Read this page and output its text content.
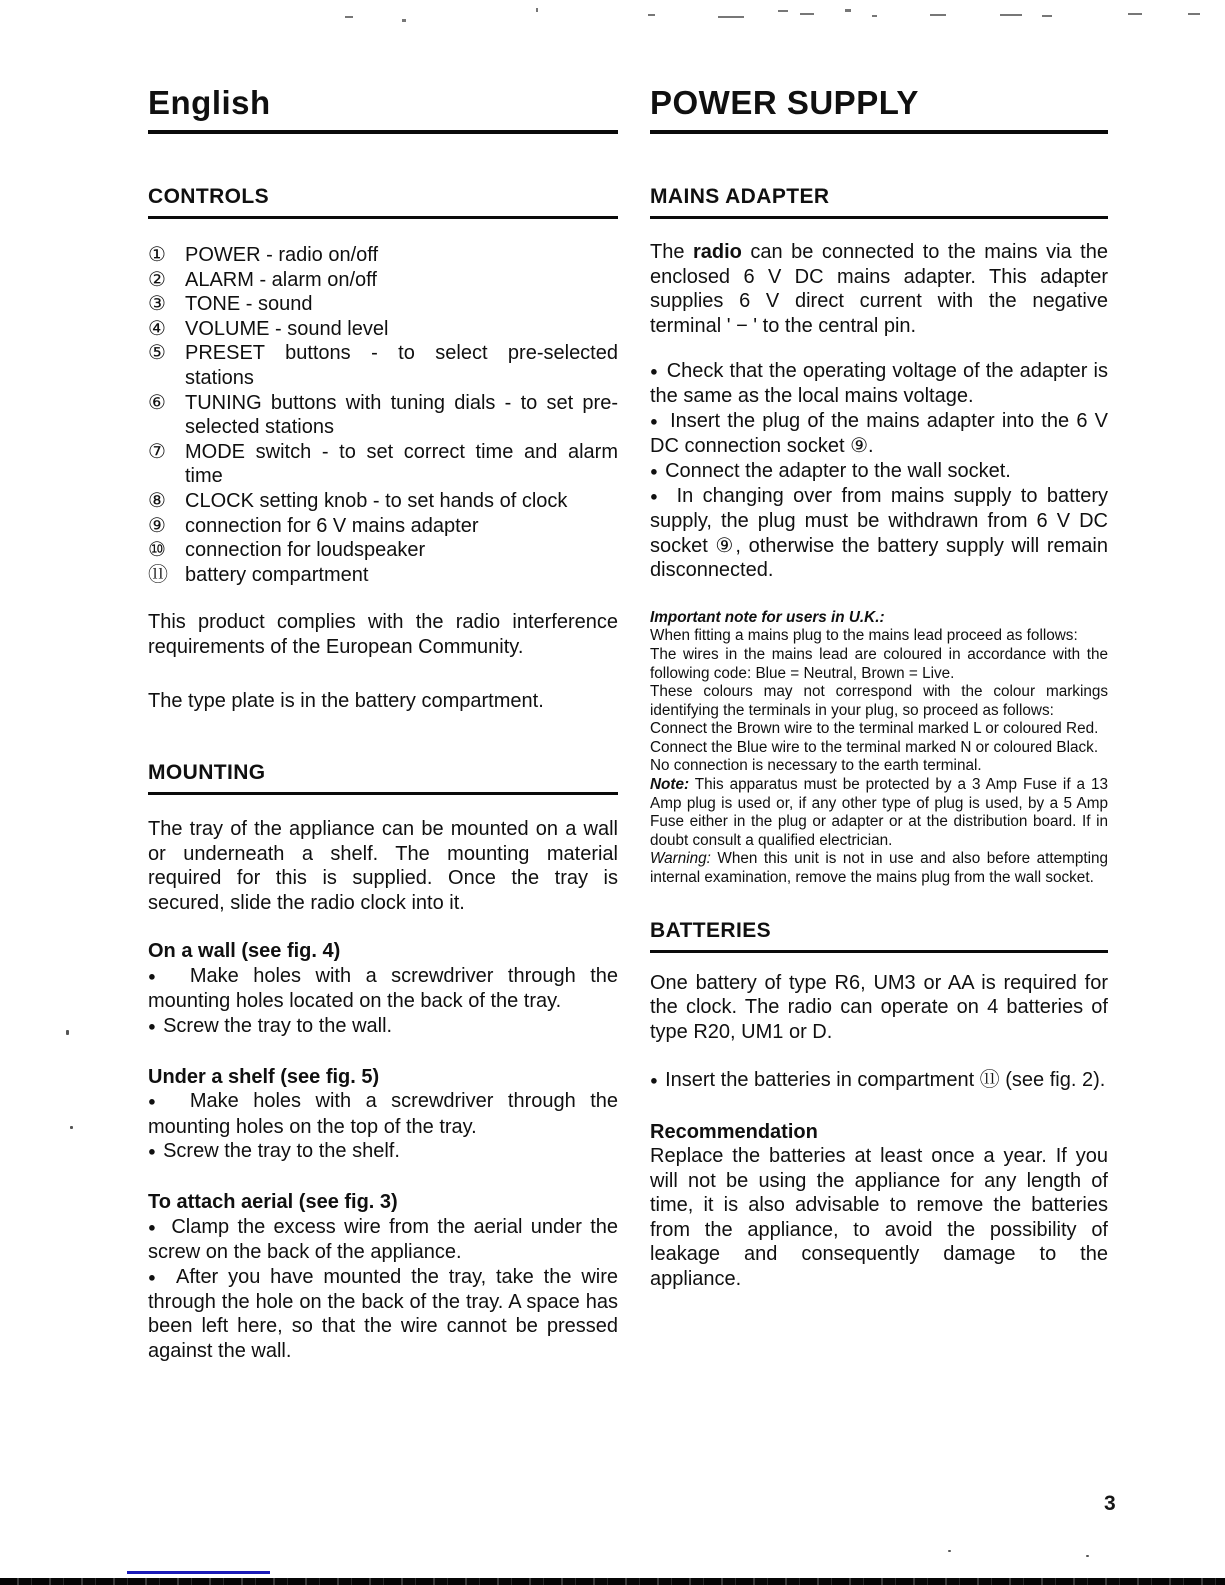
English
CONTROLS
① POWER - radio on/off
② ALARM - alarm on/off
③ TONE - sound
④ VOLUME - sound level
⑤ PRESET buttons - to select pre-selected stations
⑥ TUNING buttons with tuning dials - to set pre-selected stations
⑦ MODE switch - to set correct time and alarm time
⑧ CLOCK setting knob - to set hands of clock
⑨ connection for 6 V mains adapter
⑩ connection for loudspeaker
⑪ battery compartment

This product complies with the radio interference requirements of the European Community.

The type plate is in the battery compartment.

MOUNTING

The tray of the appliance can be mounted on a wall or underneath a shelf. The mounting material required for this is supplied. Once the tray is secured, slide the radio clock into it.

On a wall (see fig. 4)

● Make holes with a screwdriver through the mounting holes located on the back of the tray.
● Screw the tray to the wall.

Under a shelf (see fig. 5)

● Make holes with a screwdriver through the mounting holes on the top of the tray.
● Screw the tray to the shelf.

To attach aerial (see fig. 3)

● Clamp the excess wire from the aerial under the screw on the back of the appliance.
● After you have mounted the tray, take the wire through the hole on the back of the tray. A space has been left here, so that the wire cannot be pressed against the wall.
POWER SUPPLY
MAINS ADAPTER

The radio can be connected to the mains via the enclosed 6 V DC mains adapter. This adapter supplies 6 V direct current with the negative terminal ' − ' to the central pin.

● Check that the operating voltage of the adapter is the same as the local mains voltage.
● Insert the plug of the mains adapter into the 6 V DC connection socket ⑨.
● Connect the adapter to the wall socket.
● In changing over from mains supply to battery supply, the plug must be withdrawn from 6 V DC socket ⑨, otherwise the battery supply will remain disconnected.
Important note for users in U.K.:
When fitting a mains plug to the mains lead proceed as follows:
The wires in the mains lead are coloured in accordance with the following code: Blue = Neutral, Brown = Live.
These colours may not correspond with the colour markings identifying the terminals in your plug, so proceed as follows:
Connect the Brown wire to the terminal marked L or coloured Red.
Connect the Blue wire to the terminal marked N or coloured Black.
No connection is necessary to the earth terminal.

Note: This apparatus must be protected by a 3 Amp Fuse if a 13 Amp plug is used or, if any other type of plug is used, by a 5 Amp Fuse either in the plug or adapter or at the distribution board. If in doubt consult a qualified electrician.

Warning: When this unit is not in use and also before attempting internal examination, remove the mains plug from the wall socket.

BATTERIES

One battery of type R6, UM3 or AA is required for the clock. The radio can operate on 4 batteries of type R20, UM1 or D.

● Insert the batteries in compartment ⑪ (see fig. 2).

Recommendation

Replace the batteries at least once a year. If you will not be using the appliance for any length of time, it is also advisable to remove the batteries from the appliance, to avoid the possibility of leakage and consequently damage to the appliance.

3
